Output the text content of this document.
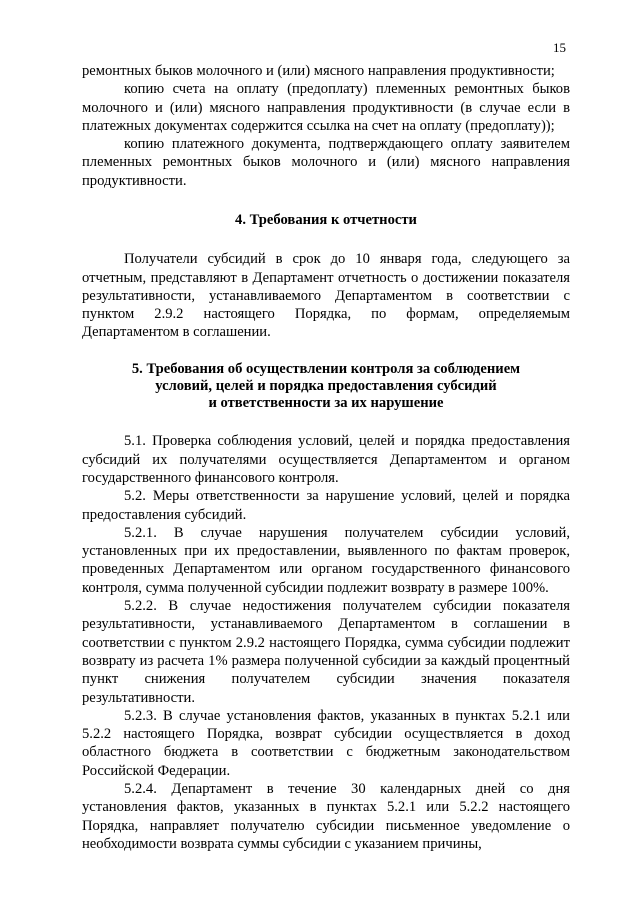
15

ремонтных быков молочного и (или) мясного направления продуктивности;

копию счета на оплату (предоплату) племенных ремонтных быков молочного и (или) мясного направления продуктивности (в случае если в платежных документах содержится ссылка на счет на оплату (предоплату));

копию платежного документа, подтверждающего оплату заявителем племенных ремонтных быков молочного и (или) мясного направления продуктивности.

4. Требования к отчетности

Получатели субсидий в срок до 10 января года, следующего за отчетным, представляют в Департамент отчетность о достижении показателя результативности, устанавливаемого Департаментом в соответствии с пунктом 2.9.2 настоящего Порядка, по формам, определяемым Департаментом в соглашении.

5. Требования об осуществлении контроля за соблюдением
условий, целей и порядка предоставления субсидий
и ответственности за их нарушение

5.1. Проверка соблюдения условий, целей и порядка предоставления субсидий их получателями осуществляется Департаментом и органом государственного финансового контроля.

5.2. Меры ответственности за нарушение условий, целей и порядка предоставления субсидий.

5.2.1. В случае нарушения получателем субсидии условий, установленных при их предоставлении, выявленного по фактам проверок, проведенных Департаментом или органом государственного финансового контроля, сумма полученной субсидии подлежит возврату в размере 100%.

5.2.2. В случае недостижения получателем субсидии показателя результативности, устанавливаемого Департаментом в соглашении в соответствии с пунктом 2.9.2 настоящего Порядка, сумма субсидии подлежит возврату из расчета 1% размера полученной субсидии за каждый процентный пункт снижения получателем субсидии значения показателя результативности.

5.2.3. В случае установления фактов, указанных в пунктах 5.2.1 или 5.2.2 настоящего Порядка, возврат субсидии осуществляется в доход областного бюджета в соответствии с бюджетным законодательством Российской Федерации.

5.2.4. Департамент в течение 30 календарных дней со дня установления фактов, указанных в пунктах 5.2.1 или 5.2.2 настоящего Порядка, направляет получателю субсидии письменное уведомление о необходимости возврата суммы субсидии с указанием причины,
